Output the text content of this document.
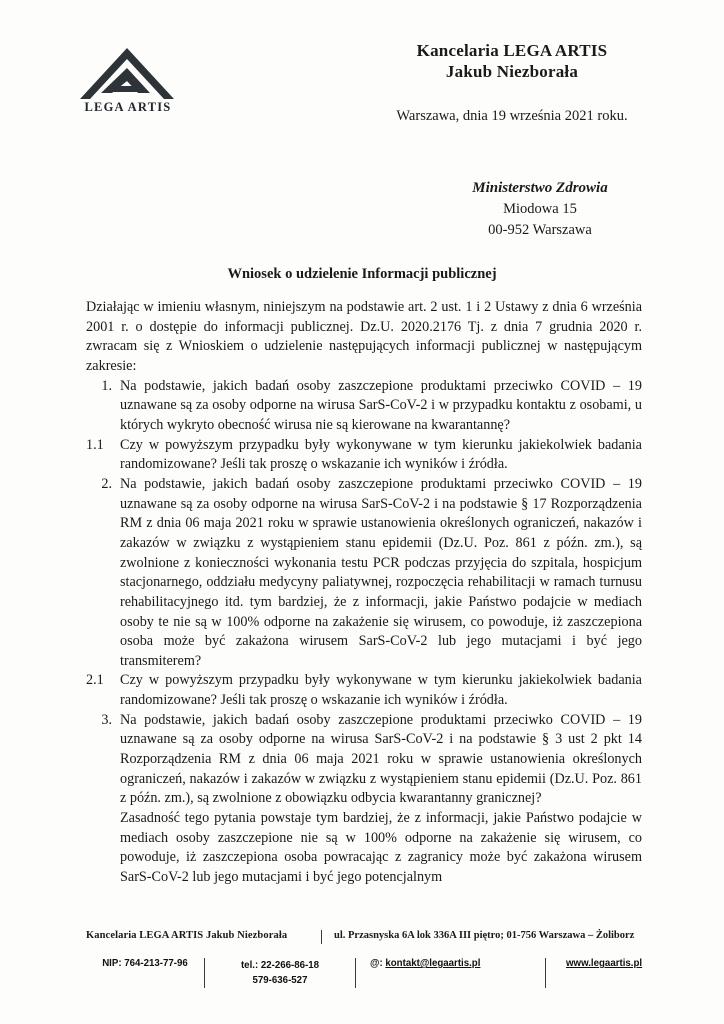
LEGA ARTIS
Kancelaria LEGA ARTIS
Jakub Niezborała
Warszawa, dnia 19 września 2021 roku.
Ministerstwo Zdrowia
Miodowa 15
00-952 Warszawa
Wniosek o udzielenie Informacji publicznej

Działając w imieniu własnym, niniejszym na podstawie art. 2 ust. 1 i 2 Ustawy z dnia 6 września 2001 r. o dostępie do informacji publicznej. Dz.U. 2020.2176 Tj. z dnia 7 grudnia 2020 r. zwracam się z Wnioskiem o udzielenie następujących informacji publicznej w następującym zakresie:

1. Na podstawie, jakich badań osoby zaszczepione produktami przeciwko COVID – 19 uznawane są za osoby odporne na wirusa SarS-CoV-2 i w przypadku kontaktu z osobami, u których wykryto obecność wirusa nie są kierowane na kwarantannę?
1.1	Czy w powyższym przypadku były wykonywane w tym kierunku jakiekolwiek badania randomizowane? Jeśli tak proszę o wskazanie ich wyników i źródła.
2. Na podstawie, jakich badań osoby zaszczepione produktami przeciwko COVID – 19 uznawane są za osoby odporne na wirusa SarS-CoV-2 i na podstawie § 17 Rozporządzenia RM z dnia 06 maja 2021 roku w sprawie ustanowienia określonych ograniczeń, nakazów i zakazów w związku z wystąpieniem stanu epidemii (Dz.U. Poz. 861 z późn. zm.), są zwolnione z konieczności wykonania testu PCR podczas przyjęcia do szpitala, hospicjum stacjonarnego, oddziału medycyny paliatywnej, rozpoczęcia rehabilitacji w ramach turnusu rehabilitacyjnego itd. tym bardziej, że z informacji, jakie Państwo podajcie w mediach osoby te nie są w 100% odporne na zakażenie się wirusem, co powoduje, iż zaszczepiona osoba może być zakażona wirusem SarS-CoV-2 lub jego mutacjami i być jego transmiterem?
2.1	Czy w powyższym przypadku były wykonywane w tym kierunku jakiekolwiek badania randomizowane? Jeśli tak proszę o wskazanie ich wyników i źródła.
3. Na podstawie, jakich badań osoby zaszczepione produktami przeciwko COVID – 19 uznawane są za osoby odporne na wirusa SarS-CoV-2 i na podstawie § 3 ust 2 pkt 14 Rozporządzenia RM z dnia 06 maja 2021 roku w sprawie ustanowienia określonych ograniczeń, nakazów i zakazów w związku z wystąpieniem stanu epidemii (Dz.U. Poz. 861 z późn. zm.), są zwolnione z obowiązku odbycia kwarantanny granicznej?

Zasadność tego pytania powstaje tym bardziej, że z informacji, jakie Państwo podajcie w mediach osoby zaszczepione nie są w 100% odporne na zakażenie się wirusem, co powoduje, iż zaszczepiona osoba powracając z zagranicy może być zakażona wirusem SarS-CoV-2 lub jego mutacjami i być jego potencjalnym

Kancelaria LEGA ARTIS Jakub Niezborała	ul. Przasnyska 6A lok 336A III piętro; 01-756 Warszawa – Żoliborz
NIP: 764-213-77-96	tel.: 22-266-86-18
579-636-527
@: kontakt@legaartis.pl	www.legaartis.pl
